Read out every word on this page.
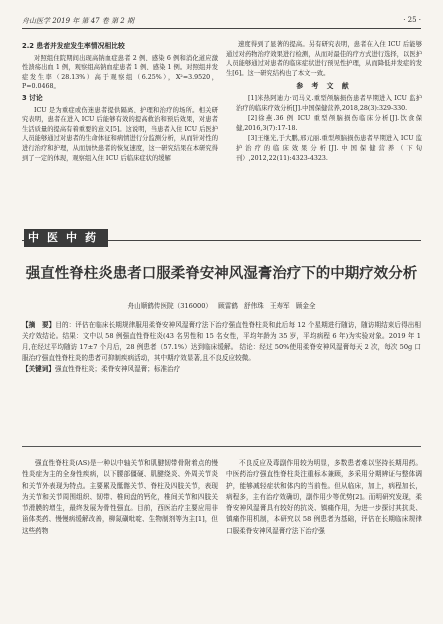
舟山医学 2019 年 第 47 卷 第 2 期	· 25 ·
2.2 患者并发症发生率情况相比较

对照组住院期间出现高钠血症患者 2 例、感染 6 例和消化道应激性溃疡出血 1 例，观察组高钠血症患者 1 例、感染 1 例。对照组并发症发生率（28.13%）高于观察组（6.25%），X²=3.9520，P=0.0468。

3 讨论

ICU 是为重症或伤迷患者提供隔离、护理和治疗的场所。相关研究表明，患者在进入 ICU 后能够有效的提高救治和预后效果，对患者生活质量的提高有着重要的意义[5]。这说明，当患者入住 ICU 后医护人员能够通过对患者的生命体征和病情进行分监测分析，从而针对性的进行治疗和护理，从而加快患者的恢复速度，这一研究结果在本研究得到了一定的体现，观察组入住 ICU 后临床症状的缓解

速度得到了显著的提高。另有研究表明，患者在入住 ICU 后能够通过对药物治疗效果进行检测，从而对最佳的疗方式进行选择，以医护人员能够通过对患者的临床症状进行预见性护理，从而降低并发症的发生[6]。这一研究结构也了本文一致。

参 考 文 献

[1]米热阿迪力·司马义.重型颅脑损伤患者早期进入 ICU 监护治疗的临床疗效分析[J].中国保健营养,2018,28(3):329-330.

[2]徐燕.36 例 ICU 重型颅脑损伤临床分析[J].饮食保健,2016,3(7):17-18.

[3]王继光,于大鹏,邢元丽.重型颅脑损伤患者早期进入 ICU 监护治疗的临床效果分析[J].中国保健营养（下旬刊）,2012,22(11):4323-4323.

中医中药
强直性脊柱炎患者口服柔脊安神风湿膏治疗下的中期疗效分析
舟山顺鹤传医院（316000） 顾雷鹤 舒伟珠 王寿军 顾金全

【摘　要】目的：评估在临床长期规律服用柔脊安神风湿膏疗法下治疗强直性脊柱炎和此后每 12 个星期进行随访，随访期结束后得出相关疗效结论。结果：文中以 58 例强直性脊柱炎(43 名男性和 15 名女性，平均年龄为 35 岁，平均病程 6 年)为实验对象。2019 年 1 月,在经过平均随访 17±7 个月后，28 例患者（57.1%）达到临床缓解。 结论：经过 50%使用柔脊安神风湿膏每天 2 次，每次 50g 口服治疗强直性脊柱炎的患者可抑制疾病活动，其中期疗效显著,且不良反应较微。

【关键词】强直性脊柱炎；柔脊安神风湿膏；标准治疗

强直性脊柱炎(AS)是一种以中轴关节和肌腱韧带骨附着点的慢性炎症为主的全身性疾病，以下腰部僵硬、肌腱绕炎、外周关节炎和关节外表现为特点。主要累及骶髂关节、脊柱及四肢关节，表现为关节和关节周围组织、韧带、椎间盘的钙化，椎间关节和四肢关节滑膜的增生，最终发展为骨性强直。目前，西医治疗主要应用非甾体类药、慢慢病缓解改善，柳氮磺吡啶、生物制剂等为主[1]，但这些药物

不良反应及毒副作用较为明显，多数患者难以坚持长期用药。中医药治疗强直性脊柱炎注重标本兼顾，多采用分期辨证与整体调护，能够减轻症状和体内的当前性。但从临床，加上，病程加长，病程多，主有治疗效确切，副作用少等优势[2]。而明研究发现，柔脊安神风湿膏具有较好的抗炎、镇痛作用，为进一步探讨其抗炎、镇痛作用机制，本研究以 58 例患者为基础，评估在长期临床规律口服柔脊安神风湿膏疗法下治疗强
